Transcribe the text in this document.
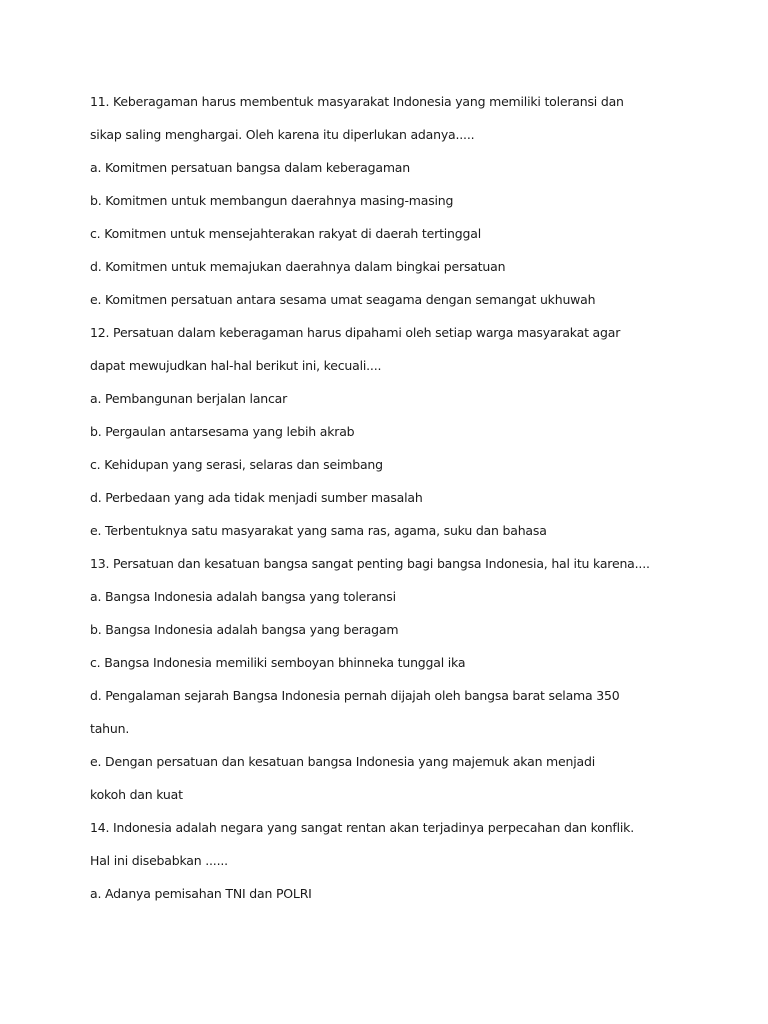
11. Keberagaman harus membentuk masyarakat Indonesia yang memiliki toleransi dan
sikap saling menghargai. Oleh karena itu diperlukan adanya.....
a. Komitmen persatuan bangsa dalam keberagaman
b. Komitmen untuk membangun daerahnya masing-masing
c. Komitmen untuk mensejahterakan rakyat di daerah tertinggal
d. Komitmen untuk memajukan daerahnya dalam bingkai persatuan
e. Komitmen persatuan antara sesama umat seagama dengan semangat ukhuwah
12. Persatuan dalam keberagaman harus dipahami oleh setiap warga masyarakat agar
dapat mewujudkan hal-hal berikut ini, kecuali....
a. Pembangunan berjalan lancar
b. Pergaulan antarsesama yang lebih akrab
c. Kehidupan yang serasi, selaras dan seimbang
d. Perbedaan yang ada tidak menjadi sumber masalah
e. Terbentuknya satu masyarakat yang sama ras, agama, suku dan bahasa
13. Persatuan dan kesatuan bangsa sangat penting bagi bangsa Indonesia, hal itu karena....
a. Bangsa Indonesia adalah bangsa yang toleransi
b. Bangsa Indonesia adalah bangsa yang beragam
c. Bangsa Indonesia memiliki semboyan bhinneka tunggal ika
d. Pengalaman sejarah Bangsa Indonesia pernah dijajah oleh bangsa barat selama 350
tahun.
e. Dengan persatuan dan kesatuan bangsa Indonesia yang majemuk akan menjadi
kokoh dan kuat
14. Indonesia adalah negara yang sangat rentan akan terjadinya perpecahan dan konflik.
Hal ini disebabkan ......
a. Adanya pemisahan TNI dan POLRI
